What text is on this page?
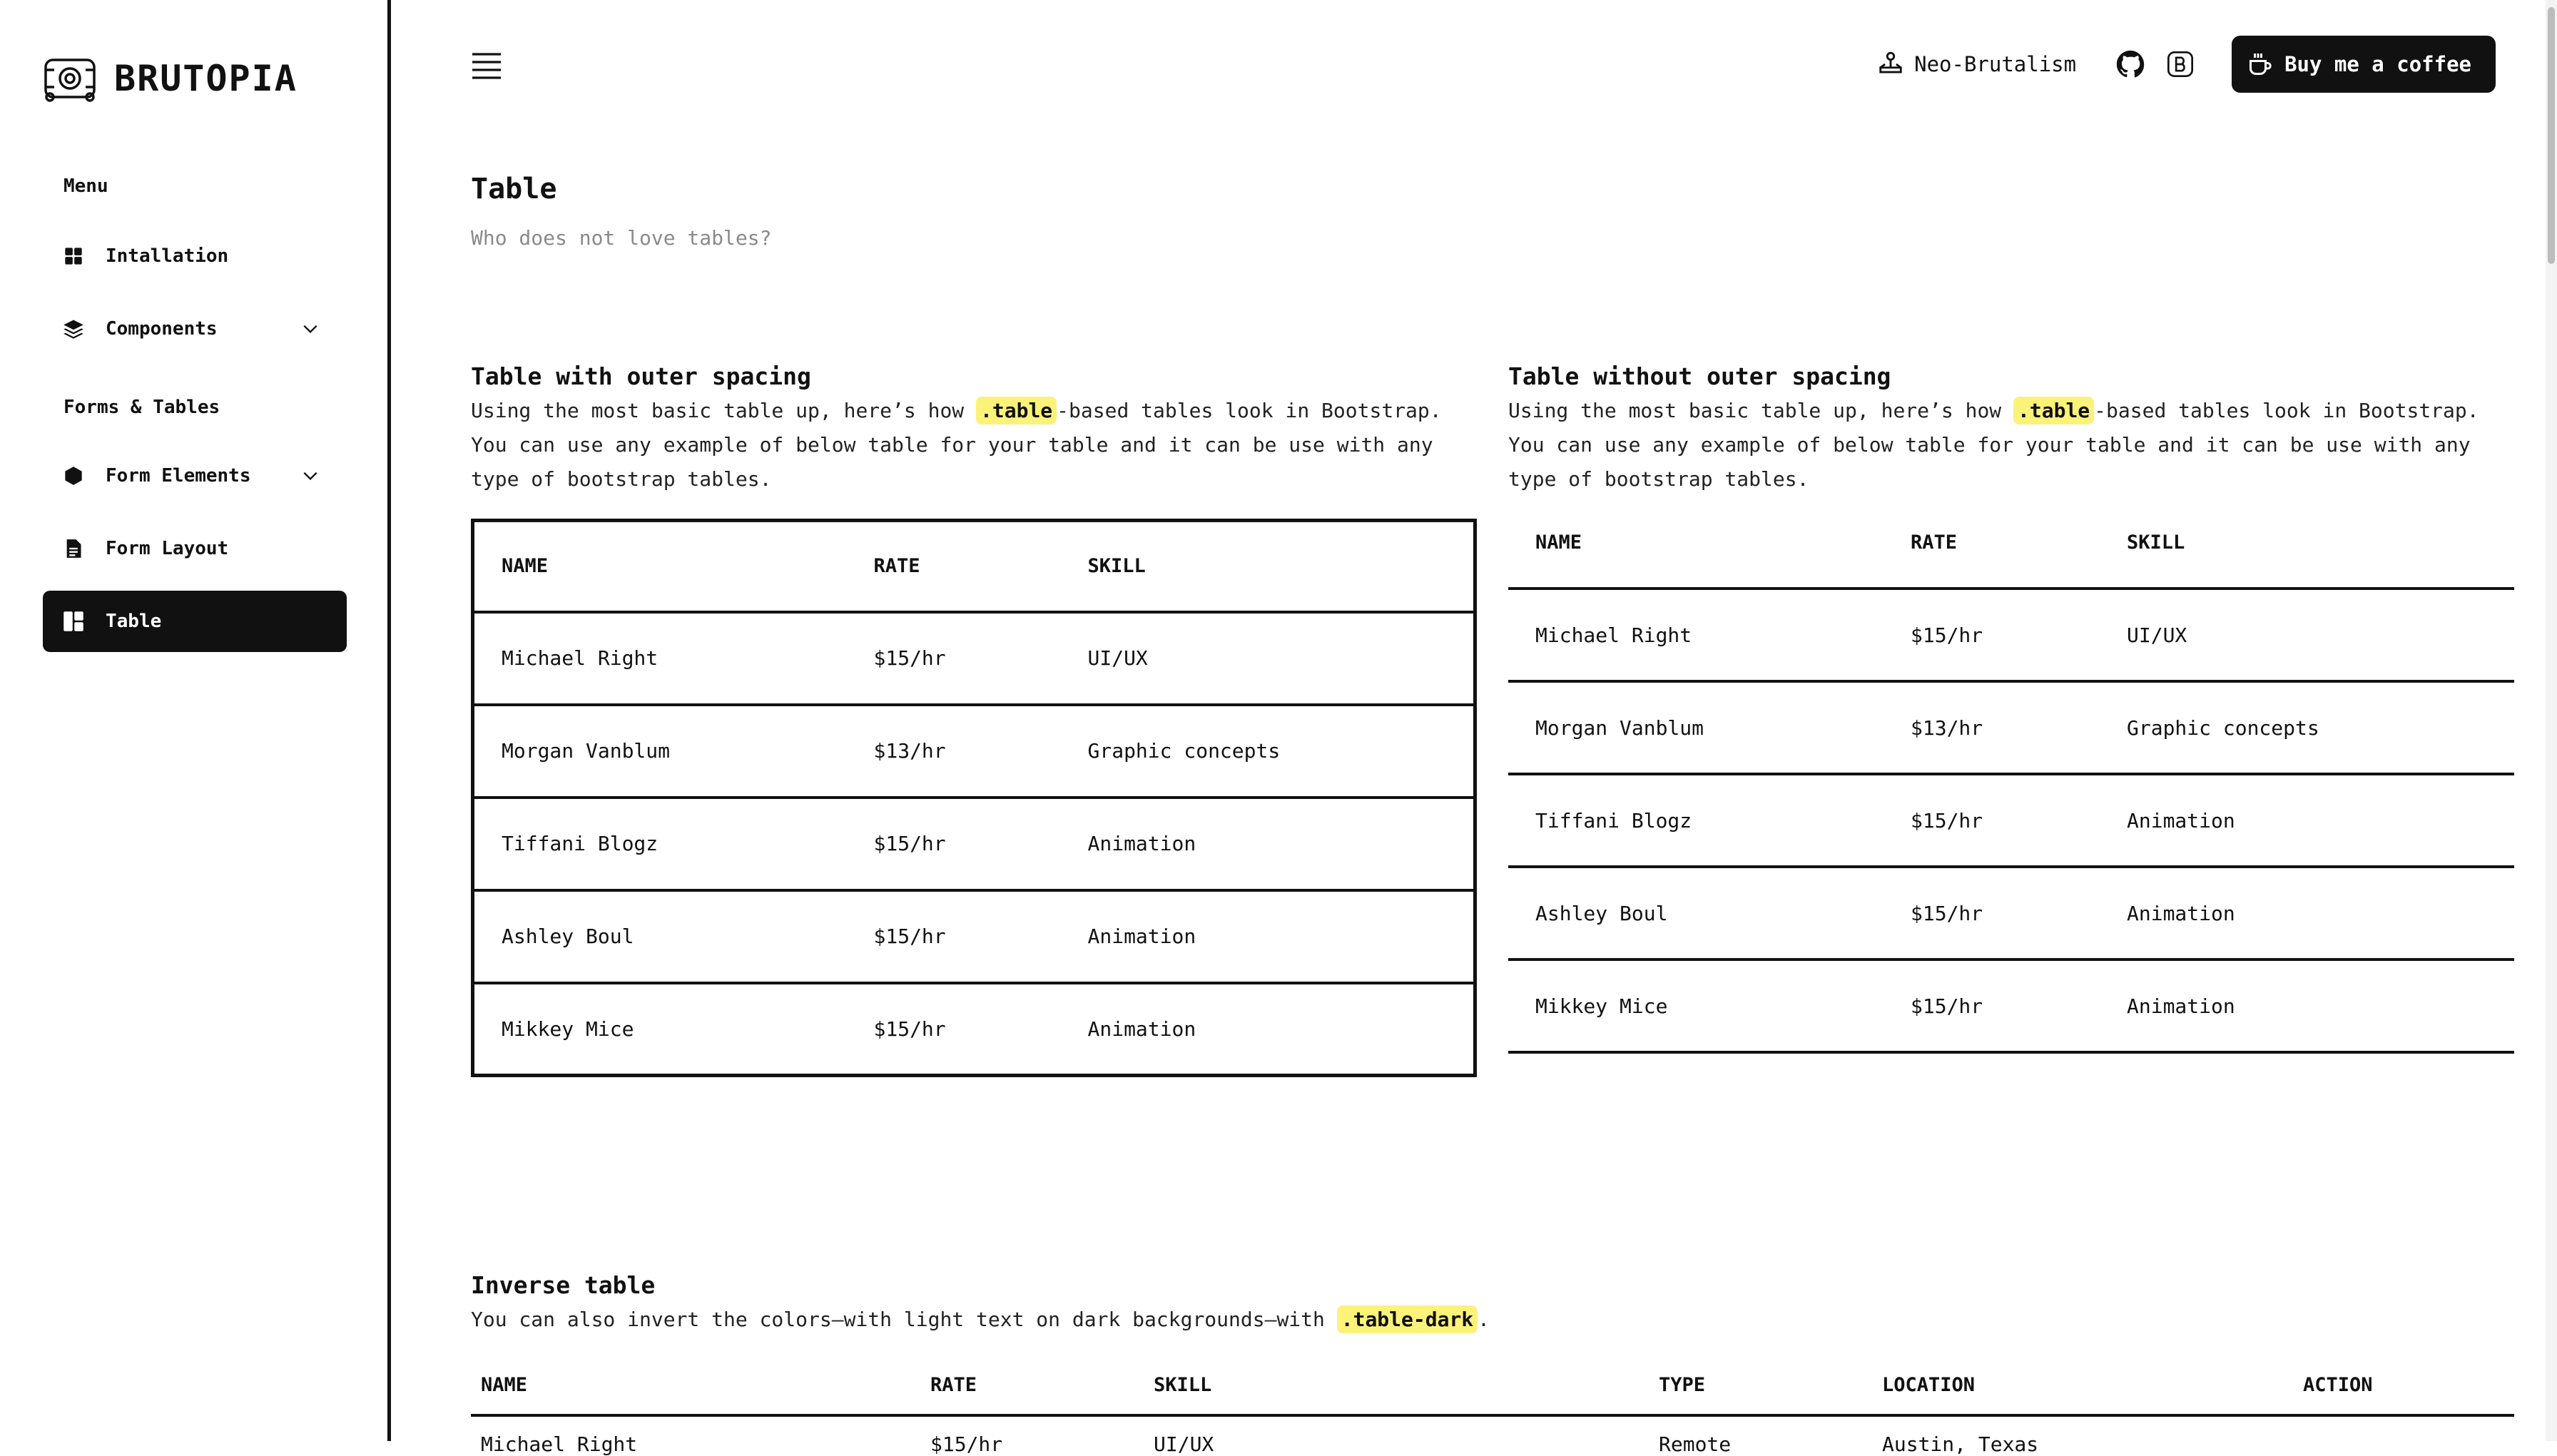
BRUTOPIA
Menu
Intallation
Components
Forms & Tables
Form Elements
Form Layout
Table
Neo-Brutalism	Buy me a coffee
Table
Who does not love tables?
Table with outer spacing

Using the most basic table up, here’s how .table -based tables look in Bootstrap. You can use any example of below table for your table and it can be use with any type of bootstrap tables.

NAME	RATE	SKILL
Michael Right	$15/hr	UI/UX
Morgan Vanblum	$13/hr	Graphic concepts
Tiffani Blogz	$15/hr	Animation
Ashley Boul	$15/hr	Animation
Mikkey Mice	$15/hr	Animation
Table without outer spacing

Using the most basic table up, here’s how .table -based tables look in Bootstrap. You can use any example of below table for your table and it can be use with any type of bootstrap tables.

NAME	RATE	SKILL
Michael Right	$15/hr	UI/UX
Morgan Vanblum	$13/hr	Graphic concepts
Tiffani Blogz	$15/hr	Animation
Ashley Boul	$15/hr	Animation
Mikkey Mice	$15/hr	Animation
Inverse table

You can also invert the colors—with light text on dark backgrounds—with .table-dark .

NAME	RATE	SKILL	TYPE	LOCATION	ACTION
Michael Right	$15/hr	UI/UX	Remote	Austin, Texas	
